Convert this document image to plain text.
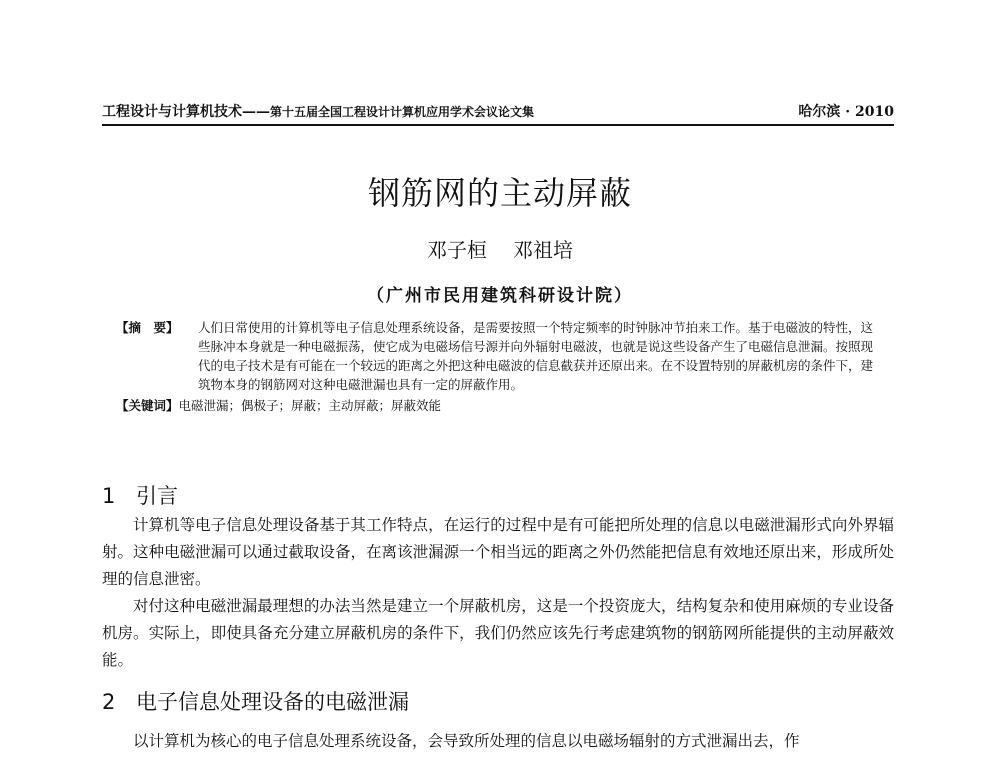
工程设计与计算机技术——第十五届全国工程设计计算机应用学术会议论文集	哈尔滨 · 2010
钢筋网的主动屏蔽
邓子桓 邓祖培
（广州市民用建筑科研设计院）
【摘　要】 人们日常使用的计算机等电子信息处理系统设备，是需要按照一个特定频率的时钟脉冲节拍来工作。基于电磁波的特性，这些脉冲本身就是一种电磁振荡，使它成为电磁场信号源并向外辐射电磁波，也就是说这些设备产生了电磁信息泄漏。按照现代的电子技术是有可能在一个较远的距离之外把这种电磁波的信息截获并还原出来。在不设置特别的屏蔽机房的条件下，建筑物本身的钢筋网对这种电磁泄漏也具有一定的屏蔽作用。
【关键词】电磁泄漏；偶极子；屏蔽；主动屏蔽；屏蔽效能
1 引言

计算机等电子信息处理设备基于其工作特点，在运行的过程中是有可能把所处理的信息以电磁泄漏形式向外界辐射。这种电磁泄漏可以通过截取设备，在离该泄漏源一个相当远的距离之外仍然能把信息有效地还原出来，形成所处理的信息泄密。

对付这种电磁泄漏最理想的办法当然是建立一个屏蔽机房，这是一个投资庞大，结构复杂和使用麻烦的专业设备机房。实际上，即使具备充分建立屏蔽机房的条件下，我们仍然应该先行考虑建筑物的钢筋网所能提供的主动屏蔽效能。

2 电子信息处理设备的电磁泄漏

以计算机为核心的电子信息处理系统设备，会导致所处理的信息以电磁场辐射的方式泄漏出去，作
